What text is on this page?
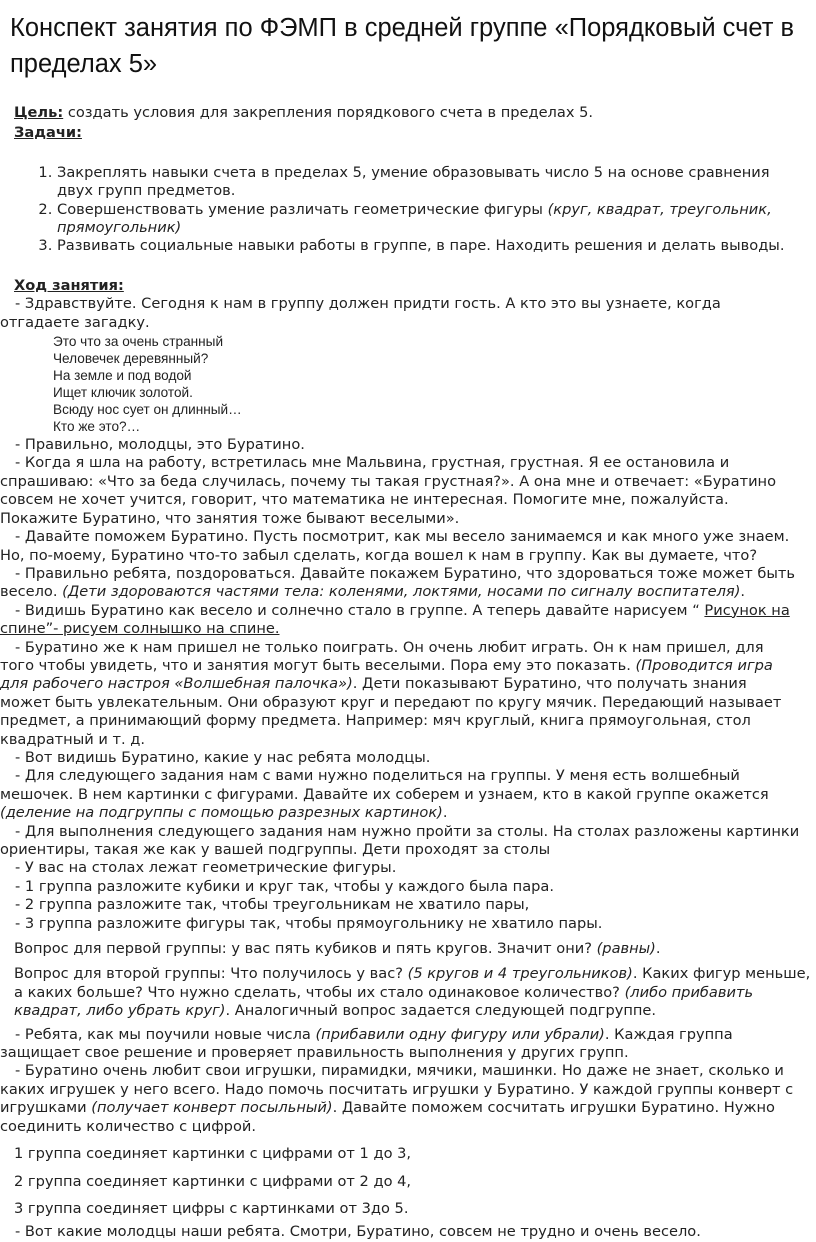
Конспект занятия по ФЭМП в средней группе «Порядковый счет в пределах 5»
Цель: создать условия для закрепления порядкового счета в пределах 5.
Задачи:
1. Закреплять навыки счета в пределах 5, умение образовывать число 5 на основе сравнения двух групп предметов.
2. Совершенствовать умение различать геометрические фигуры (круг, квадрат, треугольник, прямоугольник)
3. Развивать социальные навыки работы в группе, в паре. Находить решения и делать выводы.
Ход занятия:
- Здравствуйте. Сегодня к нам в группу должен придти гость. А кто это вы узнаете, когда отгадаете загадку.
Это что за очень странный
Человечек деревянный?
На земле и под водой
Ищет ключик золотой.
Всюду нос сует он длинный…
Кто же это?…
- Правильно, молодцы, это Буратино.
- Когда я шла на работу, встретилась мне Мальвина, грустная, грустная. Я ее остановила и спрашиваю: «Что за беда случилась, почему ты такая грустная?». А она мне и отвечает: «Буратино совсем не хочет учится, говорит, что математика не интересная. Помогите мне, пожалуйста. Покажите Буратино, что занятия тоже бывают веселыми».
- Давайте поможем Буратино. Пусть посмотрит, как мы весело занимаемся и как много уже знаем. Но, по-моему, Буратино что-то забыл сделать, когда вошел к нам в группу. Как вы думаете, что?
- Правильно ребята, поздороваться. Давайте покажем Буратино, что здороваться тоже может быть весело. (Дети здороваются частями тела: коленями, локтями, носами по сигналу воспитателя).
- Видишь Буратино как весело и солнечно стало в группе. А теперь давайте нарисуем “ Рисунок на спине”- рисуем солнышко на спине.
- Буратино же к нам пришел не только поиграть. Он очень любит играть. Он к нам пришел, для того чтобы увидеть, что и занятия могут быть веселыми. Пора ему это показать. (Проводится игра для рабочего настроя «Волшебная палочка»). Дети показывают Буратино, что получать знания может быть увлекательным. Они образуют круг и передают по кругу мячик. Передающий называет предмет, а принимающий форму предмета. Например: мяч круглый, книга прямоугольная, стол квадратный и т. д.
- Вот видишь Буратино, какие у нас ребята молодцы.
- Для следующего задания нам с вами нужно поделиться на группы. У меня есть волшебный мешочек. В нем картинки с фигурами. Давайте их соберем и узнаем, кто в какой группе окажется (деление на подгруппы с помощью разрезных картинок).
- Для выполнения следующего задания нам нужно пройти за столы. На столах разложены картинки ориентиры, такая же как у вашей подгруппы. Дети проходят за столы
- У вас на столах лежат геометрические фигуры.
- 1 группа разложите кубики и круг так, чтобы у каждого была пара.
- 2 группа разложите так, чтобы треугольникам не хватило пары,
- 3 группа разложите фигуры так, чтобы прямоугольнику не хватило пары.
Вопрос для первой группы: у вас пять кубиков и пять кругов. Значит они? (равны).
Вопрос для второй группы: Что получилось у вас? (5 кругов и 4 треугольников). Каких фигур меньше, а каких больше? Что нужно сделать, чтобы их стало одинаковое количество? (либо прибавить квадрат, либо убрать круг). Аналогичный вопрос задается следующей подгруппе.
- Ребята, как мы поучили новые числа (прибавили одну фигуру или убрали). Каждая группа защищает свое решение и проверяет правильность выполнения у других групп.
- Буратино очень любит свои игрушки, пирамидки, мячики, машинки. Но даже не знает, сколько и каких игрушек у него всего. Надо помочь посчитать игрушки у Буратино. У каждой группы конверт с игрушками (получает конверт посыльный). Давайте поможем сосчитать игрушки Буратино. Нужно соединить количество с цифрой.
1 группа соединяет картинки с цифрами от 1 до 3,
2 группа соединяет картинки с цифрами от 2 до 4,
3 группа соединяет цифры с картинками от 3до 5.
- Вот какие молодцы наши ребята. Смотри, Буратино, совсем не трудно и очень весело.
